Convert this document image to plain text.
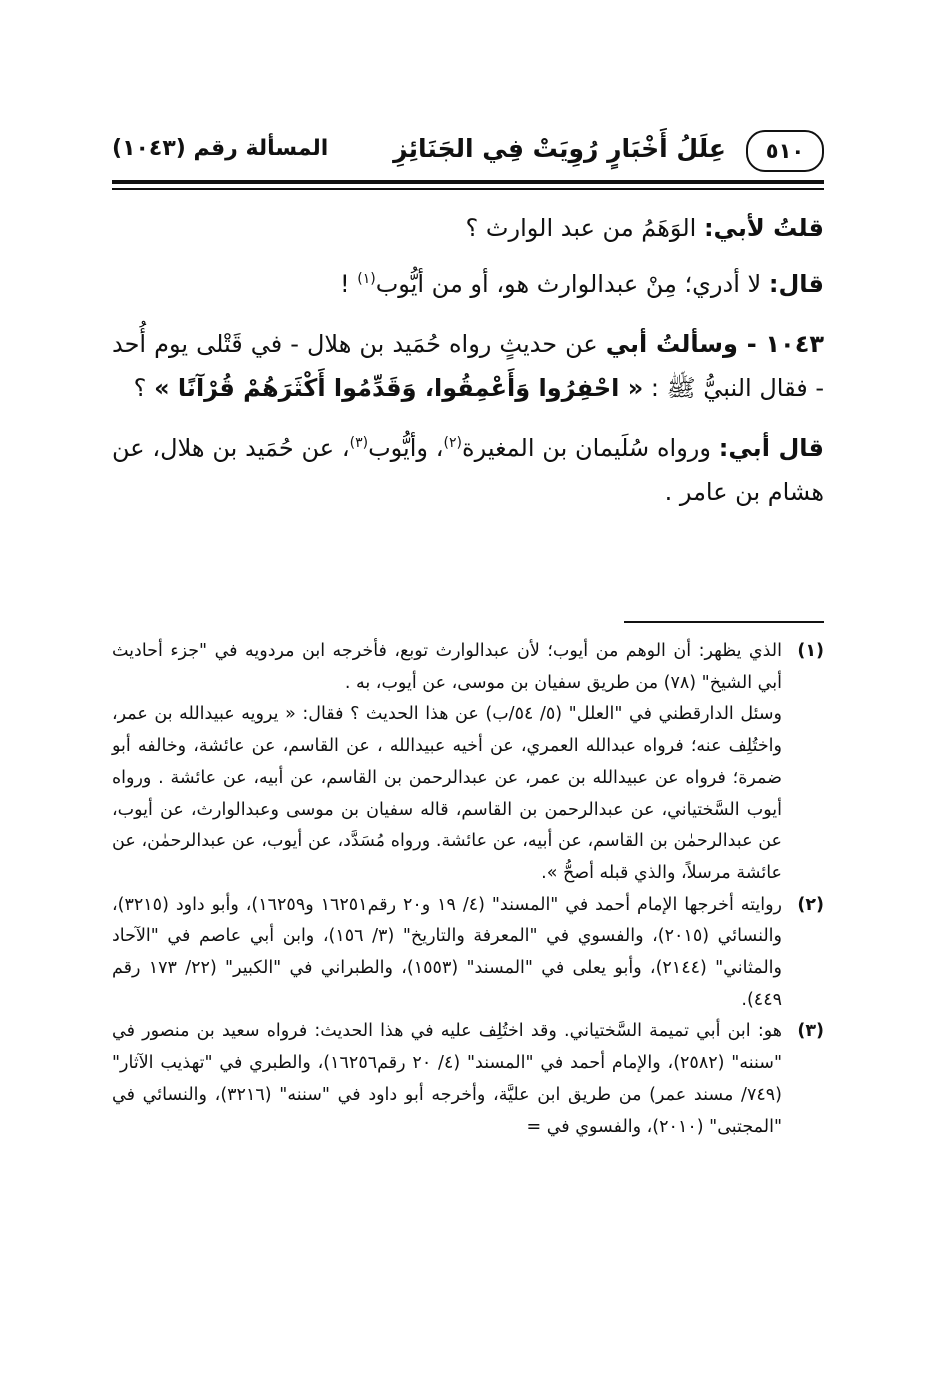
٥١٠
عِلَلُ أَخْبَارٍ رُوِيَتْ فِي الجَنَائِزِ
المسألة رقم (١٠٤٣)

قلتُ لأبي: الوَهَمُ من عبد الوارث ؟

قال: لا أدري؛ مِنْ عبدالوارث هو، أو من أيُّوب$^{(١)}$ !

١٠٤٣ - وسألتُ أبي عن حديثٍ رواه حُمَيد بن هلال - في قَتْلى يوم أُحد - فقال النبيُّ ﷺ : « احْفِرُوا وَأَعْمِقُوا، وَقَدِّمُوا أَكْثَرَهُمْ قُرْآنًا » ؟

قال أبي: ورواه سُلَيمان بن المغيرة$^{(٢)}$، وأيُّوب$^{(٣)}$، عن حُمَيد بن هلال، عن هشام بن عامر .

(١)

الذي يظهر: أن الوهم من أيوب؛ لأن عبدالوارث توبع، فأخرجه ابن مردويه في "جزء أحاديث أبي الشيخ" (٧٨) من طريق سفيان بن موسى، عن أيوب، به .

وسئل الدارقطني في "العلل" (٥/ ٥٤/ب) عن هذا الحديث ؟ فقال: « يرويه عبيدالله بن عمر، واختُلِف عنه؛ فرواه عبدالله العمري، عن أخيه عبيدالله ، عن القاسم، عن عائشة، وخالفه أبو ضمرة؛ فرواه عن عبيدالله بن عمر، عن عبدالرحمن بن القاسم، عن أبيه، عن عائشة . ورواه أيوب السَّختياني، عن عبدالرحمن بن القاسم، قاله سفيان بن موسى وعبدالوارث، عن أيوب، عن عبدالرحمٰن بن القاسم، عن أبيه، عن عائشة. ورواه مُسَدَّد، عن أيوب، عن عبدالرحمٰن، عن عائشة مرسلاً، والذي قبله أصحُّ ».

(٢)

روايته أخرجها الإمام أحمد في "المسند" (٤/ ١٩ و٢٠ رقم١٦٢٥١ و١٦٢٥٩)، وأبو داود (٣٢١٥)، والنسائي (٢٠١٥)، والفسوي في "المعرفة والتاريخ" (٣/ ١٥٦)، وابن أبي عاصم في "الآحاد والمثاني" (٢١٤٤)، وأبو يعلى في "المسند" (١٥٥٣)، والطبراني في "الكبير" (٢٢/ ١٧٣ رقم ٤٤٩).

(٣)

هو: ابن أبي تميمة السَّختياني. وقد اختُلِف عليه في هذا الحديث: فرواه سعيد بن منصور في "سننه" (٢٥٨٢)، والإمام أحمد في "المسند" (٤/ ٢٠ رقم١٦٢٥٦)، والطبري في "تهذيب الآثار" (٧٤٩/ مسند عمر) من طريق ابن عليَّة، وأخرجه أبو داود في "سننه" (٣٢١٦)، والنسائي في "المجتبى" (٢٠١٠)، والفسوي في =
